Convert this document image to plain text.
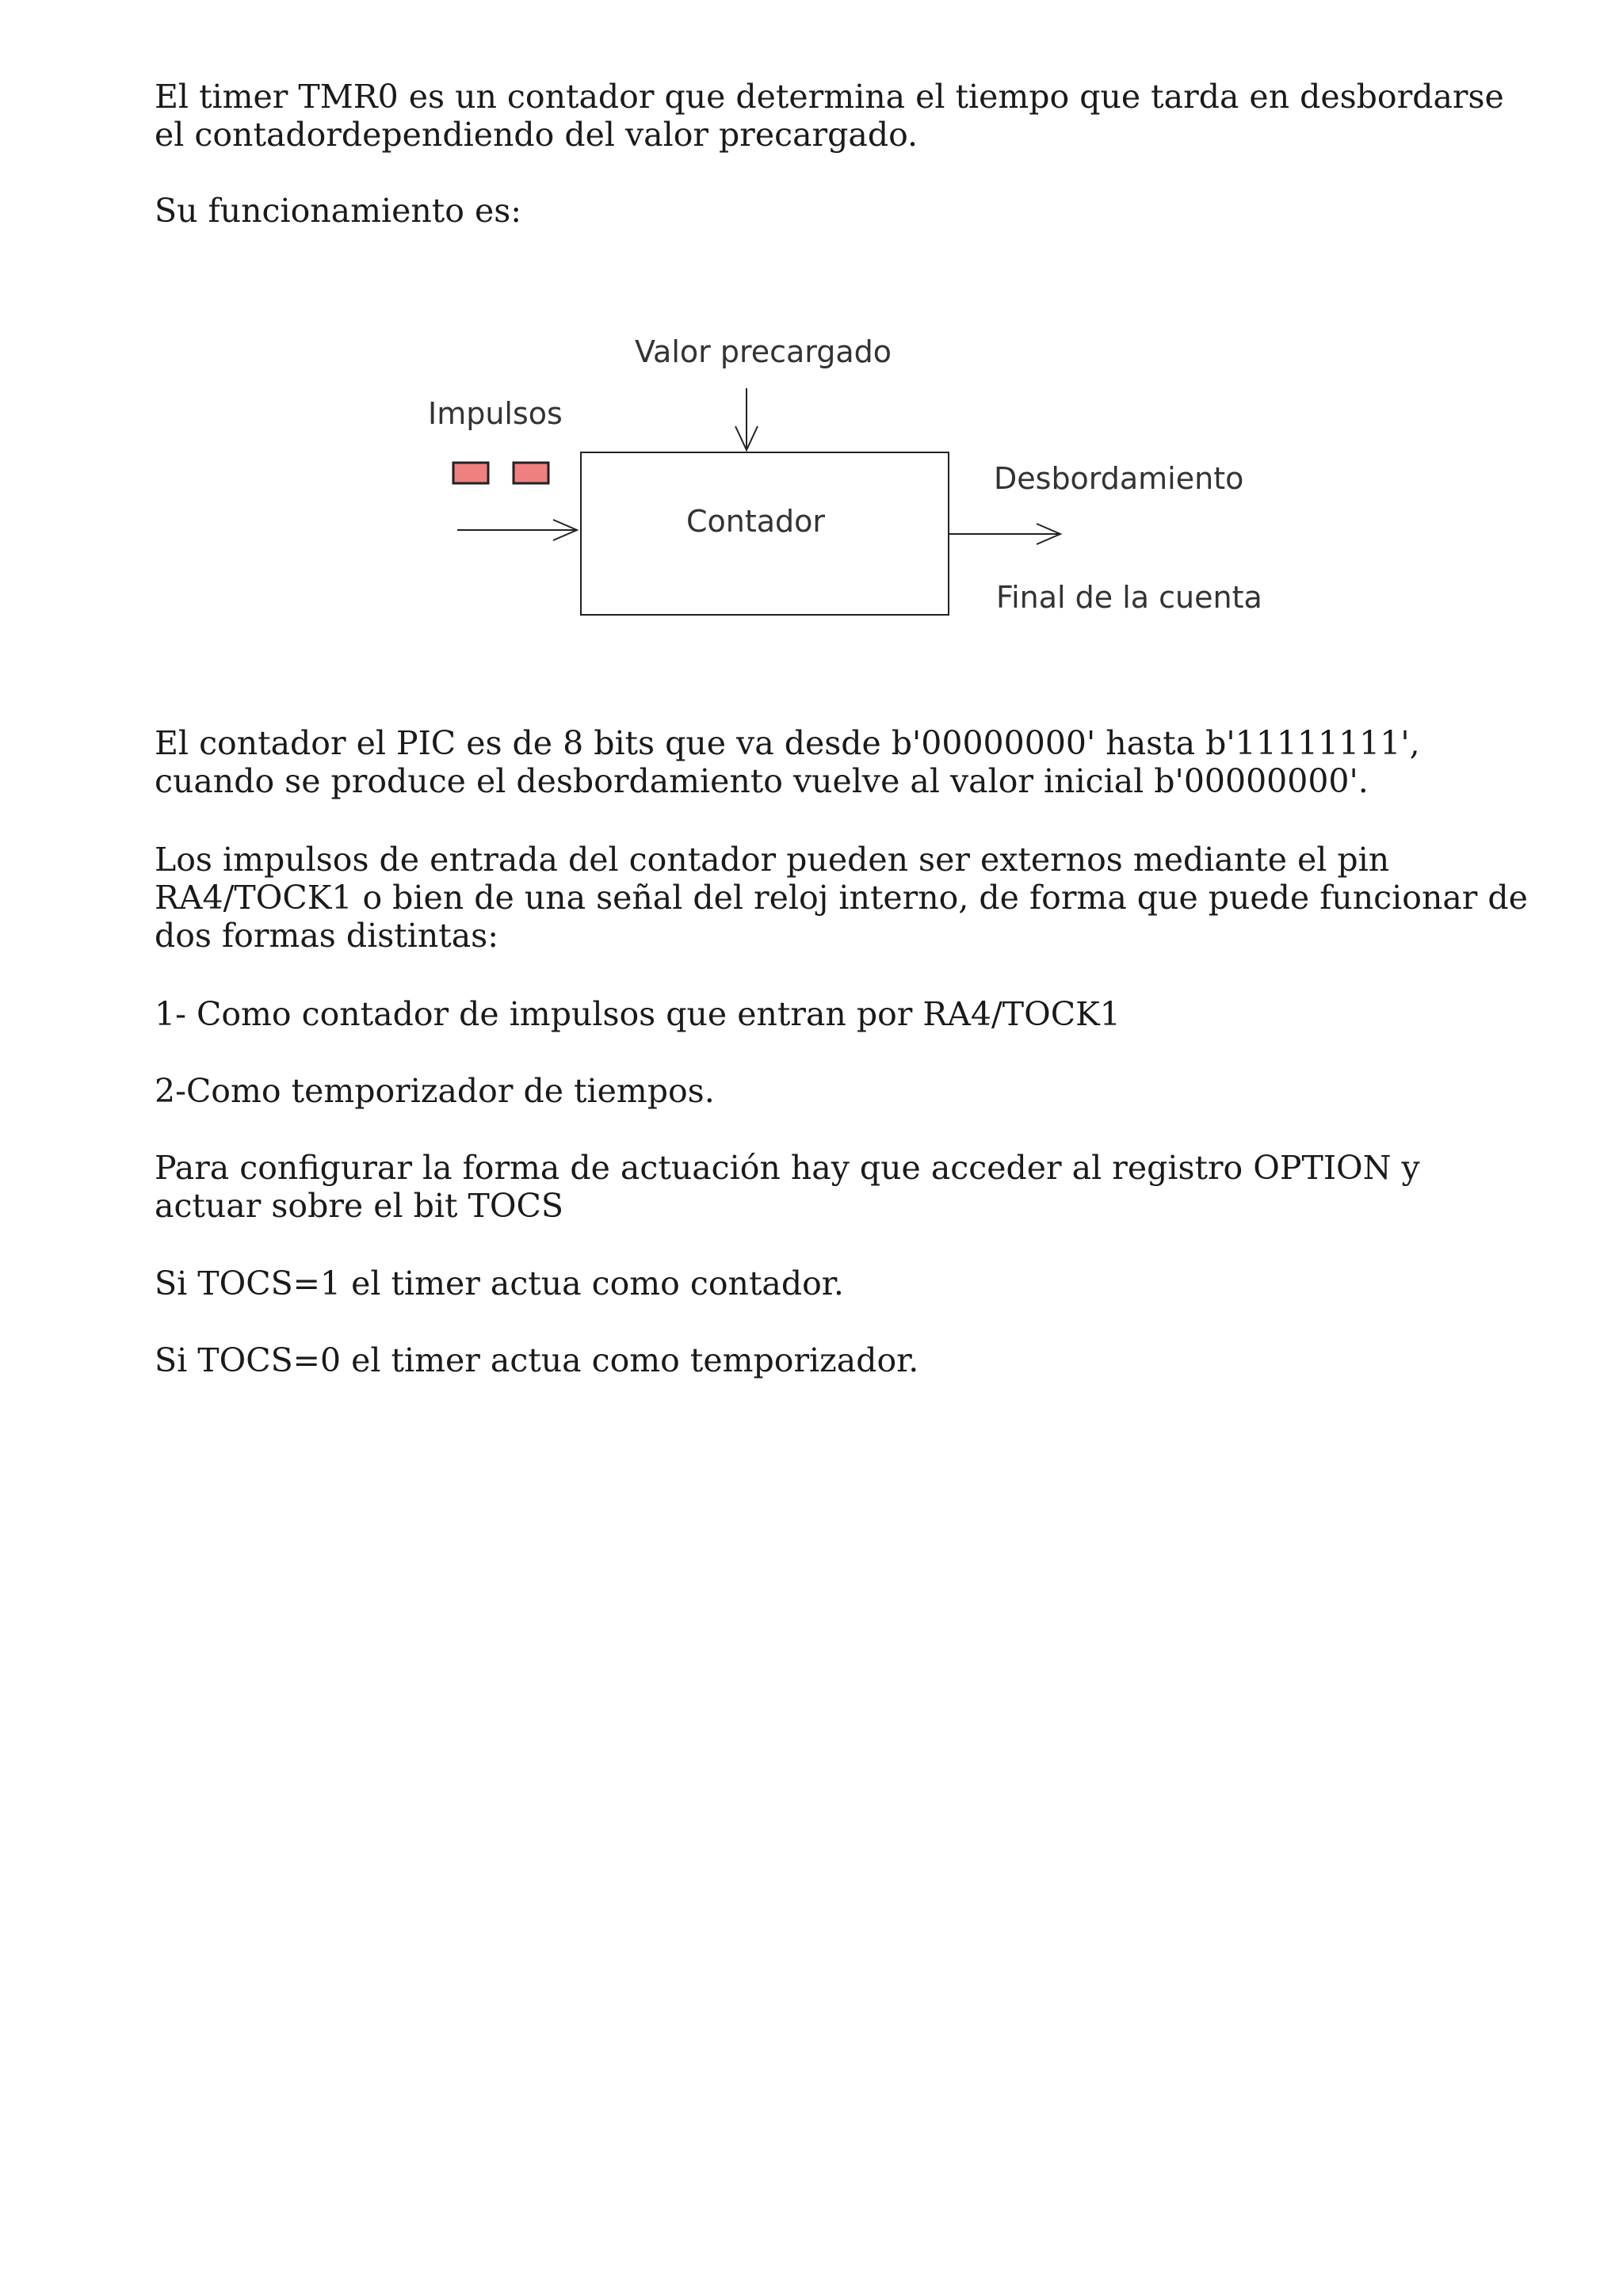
El timer TMR0 es un contador que determina el tiempo que tarda en desbordarse
el contadordependiendo del valor precargado.

Su funcionamiento es:

Valor precargado
Impulsos
Contador
Desbordamiento
Final de la cuenta

El contador el PIC es de 8 bits que va desde b'00000000' hasta b'11111111',
cuando se produce el desbordamiento vuelve al valor inicial b'00000000'.

Los impulsos de entrada del contador pueden ser externos mediante el pin
RA4/TOCK1 o bien de una señal del reloj interno, de forma que puede funcionar de
dos formas distintas:

1- Como contador de impulsos que entran por RA4/TOCK1

2-Como temporizador de tiempos.

Para configurar la forma de actuación hay que acceder al registro OPTION y
actuar sobre el bit TOCS

Si TOCS=1 el timer actua como contador.

Si TOCS=0 el timer actua como temporizador.
